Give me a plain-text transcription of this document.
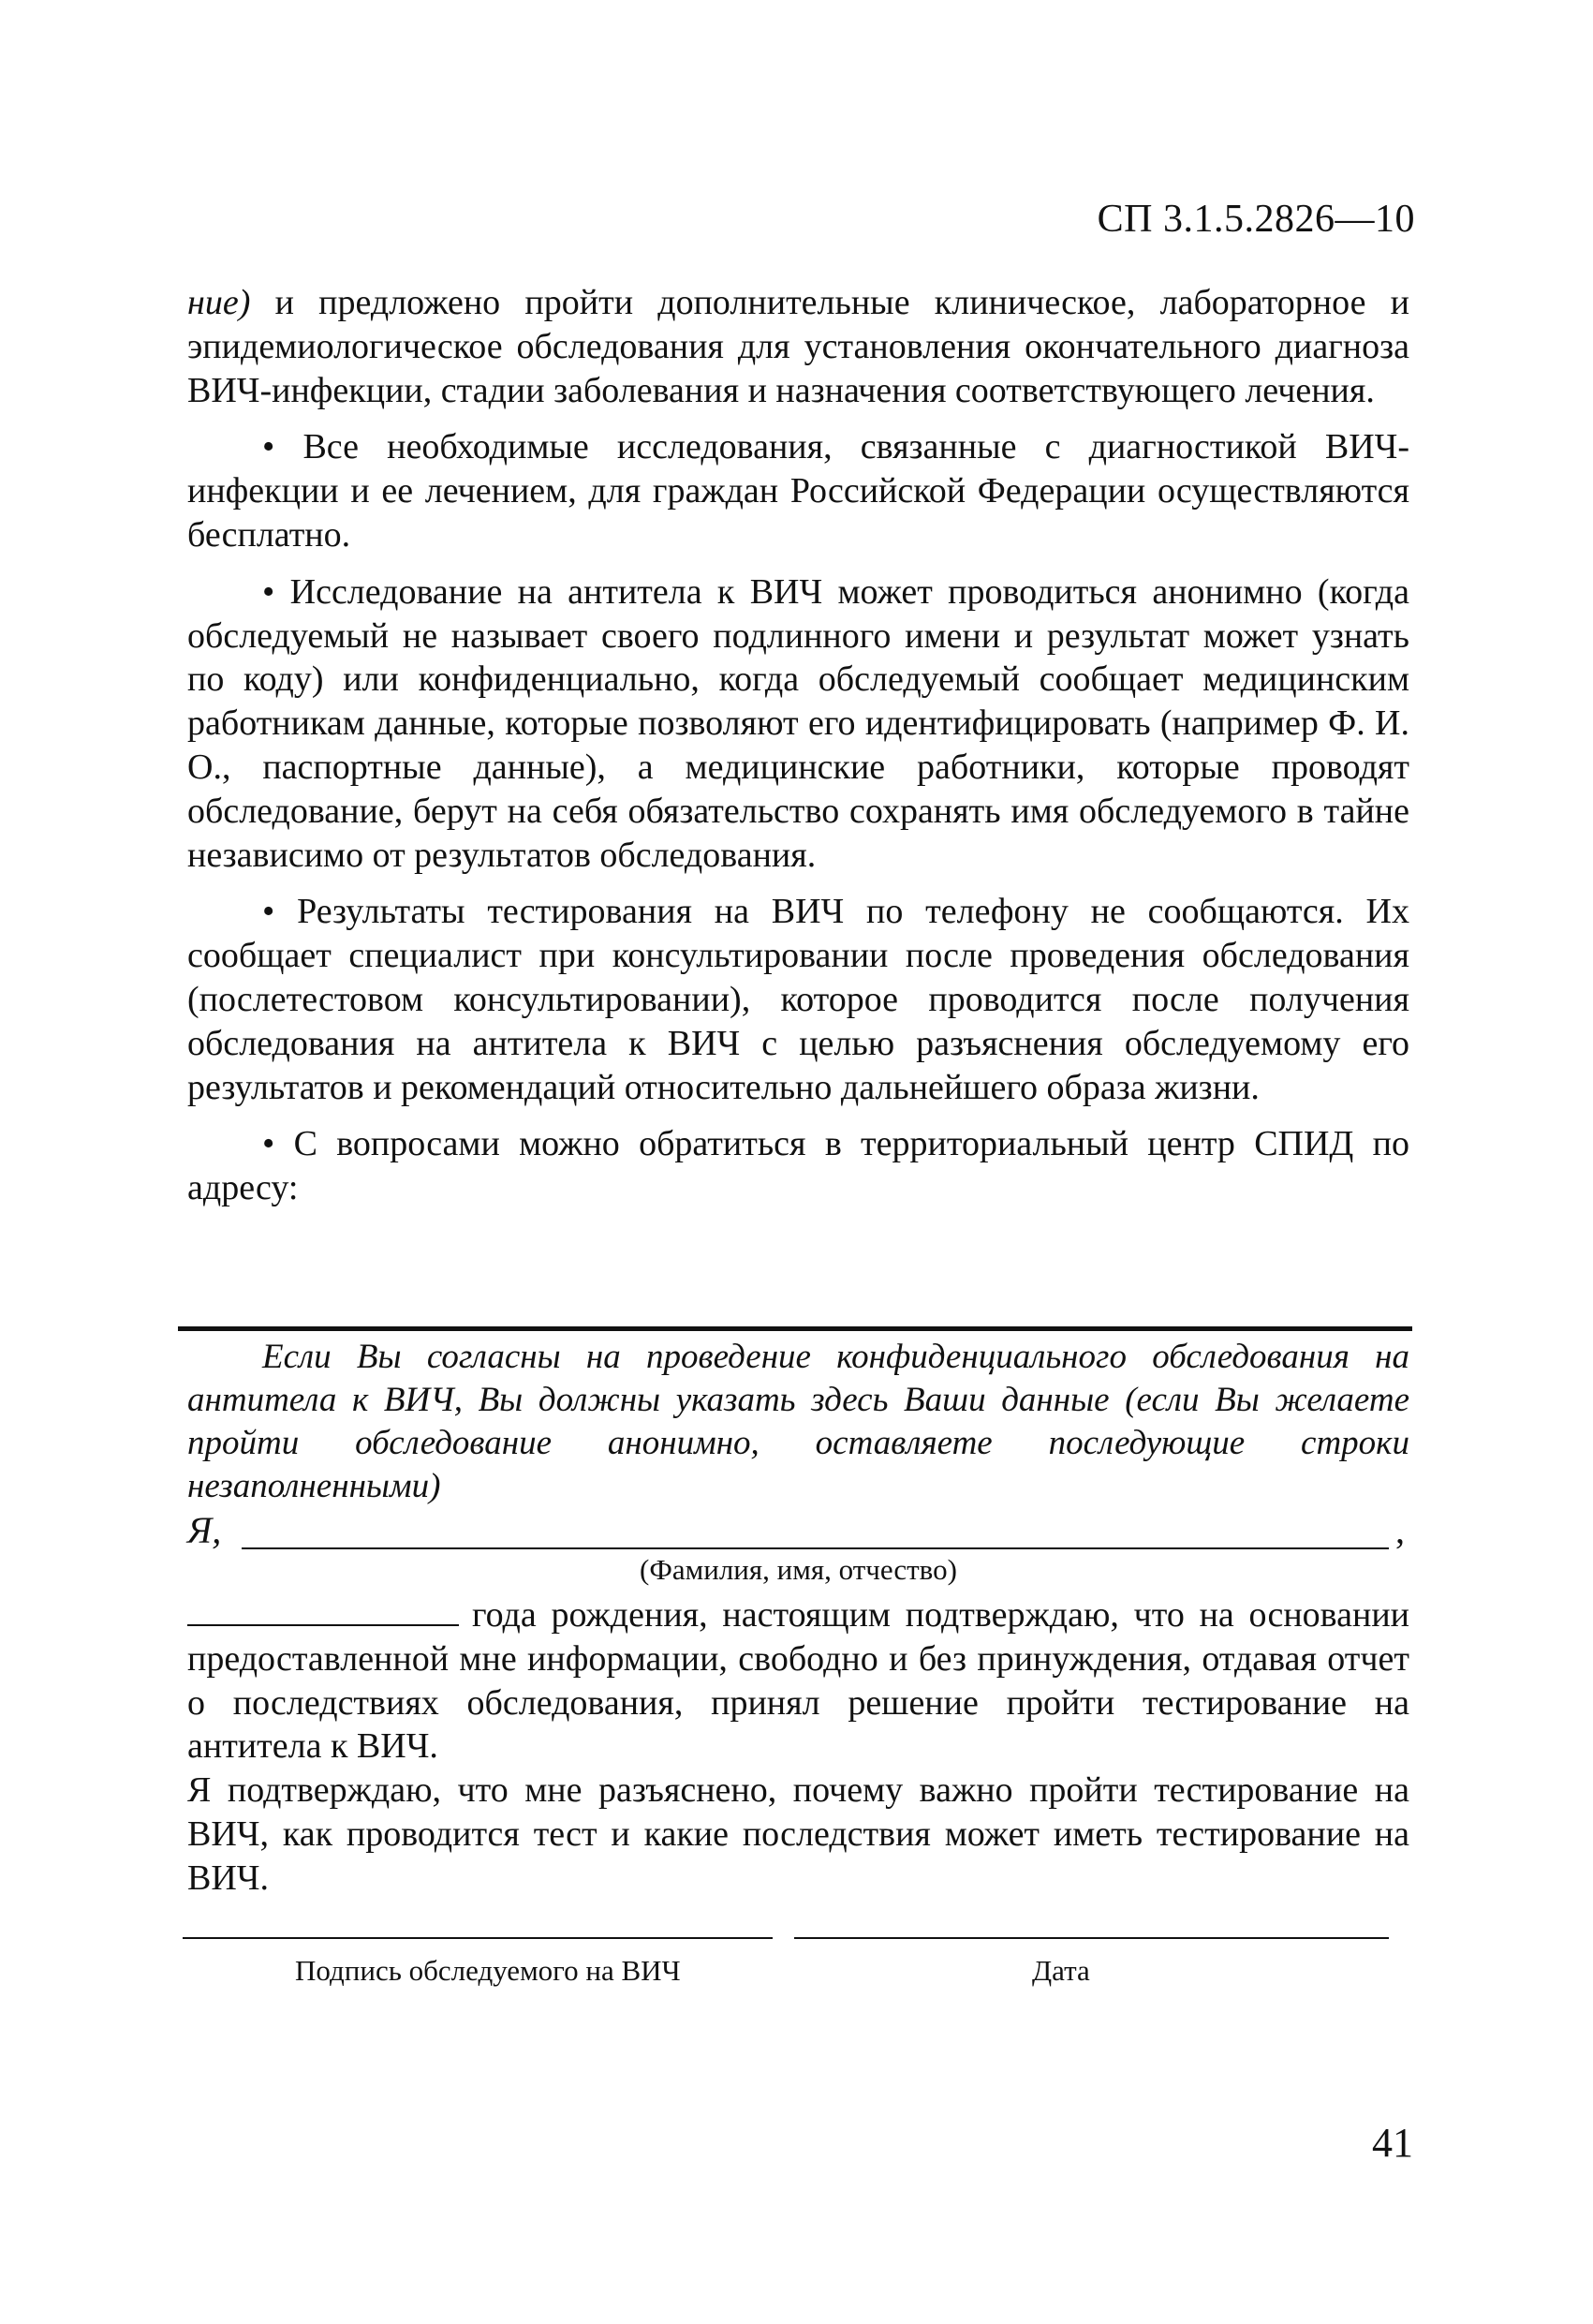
СП 3.1.5.2826—10

ние) и предложено пройти дополнительные клиническое, лабораторное и эпидемиологическое обследования для установления окончательного диагноза ВИЧ-инфекции, стадии заболевания и назначения соответствующего лечения.

• Все необходимые исследования, связанные с диагностикой ВИЧ-инфекции и ее лечением, для граждан Российской Федерации осуществляются бесплатно.

• Исследование на антитела к ВИЧ может проводиться анонимно (когда обследуемый не называет своего подлинного имени и результат может узнать по коду) или конфиденциально, когда обследуемый сообщает медицинским работникам данные, которые позволяют его идентифицировать (например Ф. И. О., паспортные данные), а медицинские работники, которые проводят обследование, берут на себя обязательство сохранять имя обследуемого в тайне независимо от результатов обследования.

• Результаты тестирования на ВИЧ по телефону не сообщаются. Их сообщает специалист при консультировании после проведения обследования (послетестовом консультировании), которое проводится после получения обследования на антитела к ВИЧ с целью разъяснения обследуемому его результатов и рекомендаций относительно дальнейшего образа жизни.

• С вопросами можно обратиться в территориальный центр СПИД по адресу:

Если Вы согласны на проведение конфиденциального обследования на антитела к ВИЧ, Вы должны указать здесь Ваши данные (если Вы желаете пройти обследование анонимно, оставляете последующие строки незаполненными)
Я,	,
(Фамилия, имя, отчество)

года рождения, настоящим подтверждаю, что на основании предоставленной мне информации, свободно и без принуждения, отдавая отчет о последствиях обследования, принял решение пройти тестирование на антитела к ВИЧ.

Я подтверждаю, что мне разъяснено, почему важно пройти тестирование на ВИЧ, как проводится тест и какие последствия может иметь тестирование на ВИЧ.

Подпись обследуемого на ВИЧ	Дата
41
